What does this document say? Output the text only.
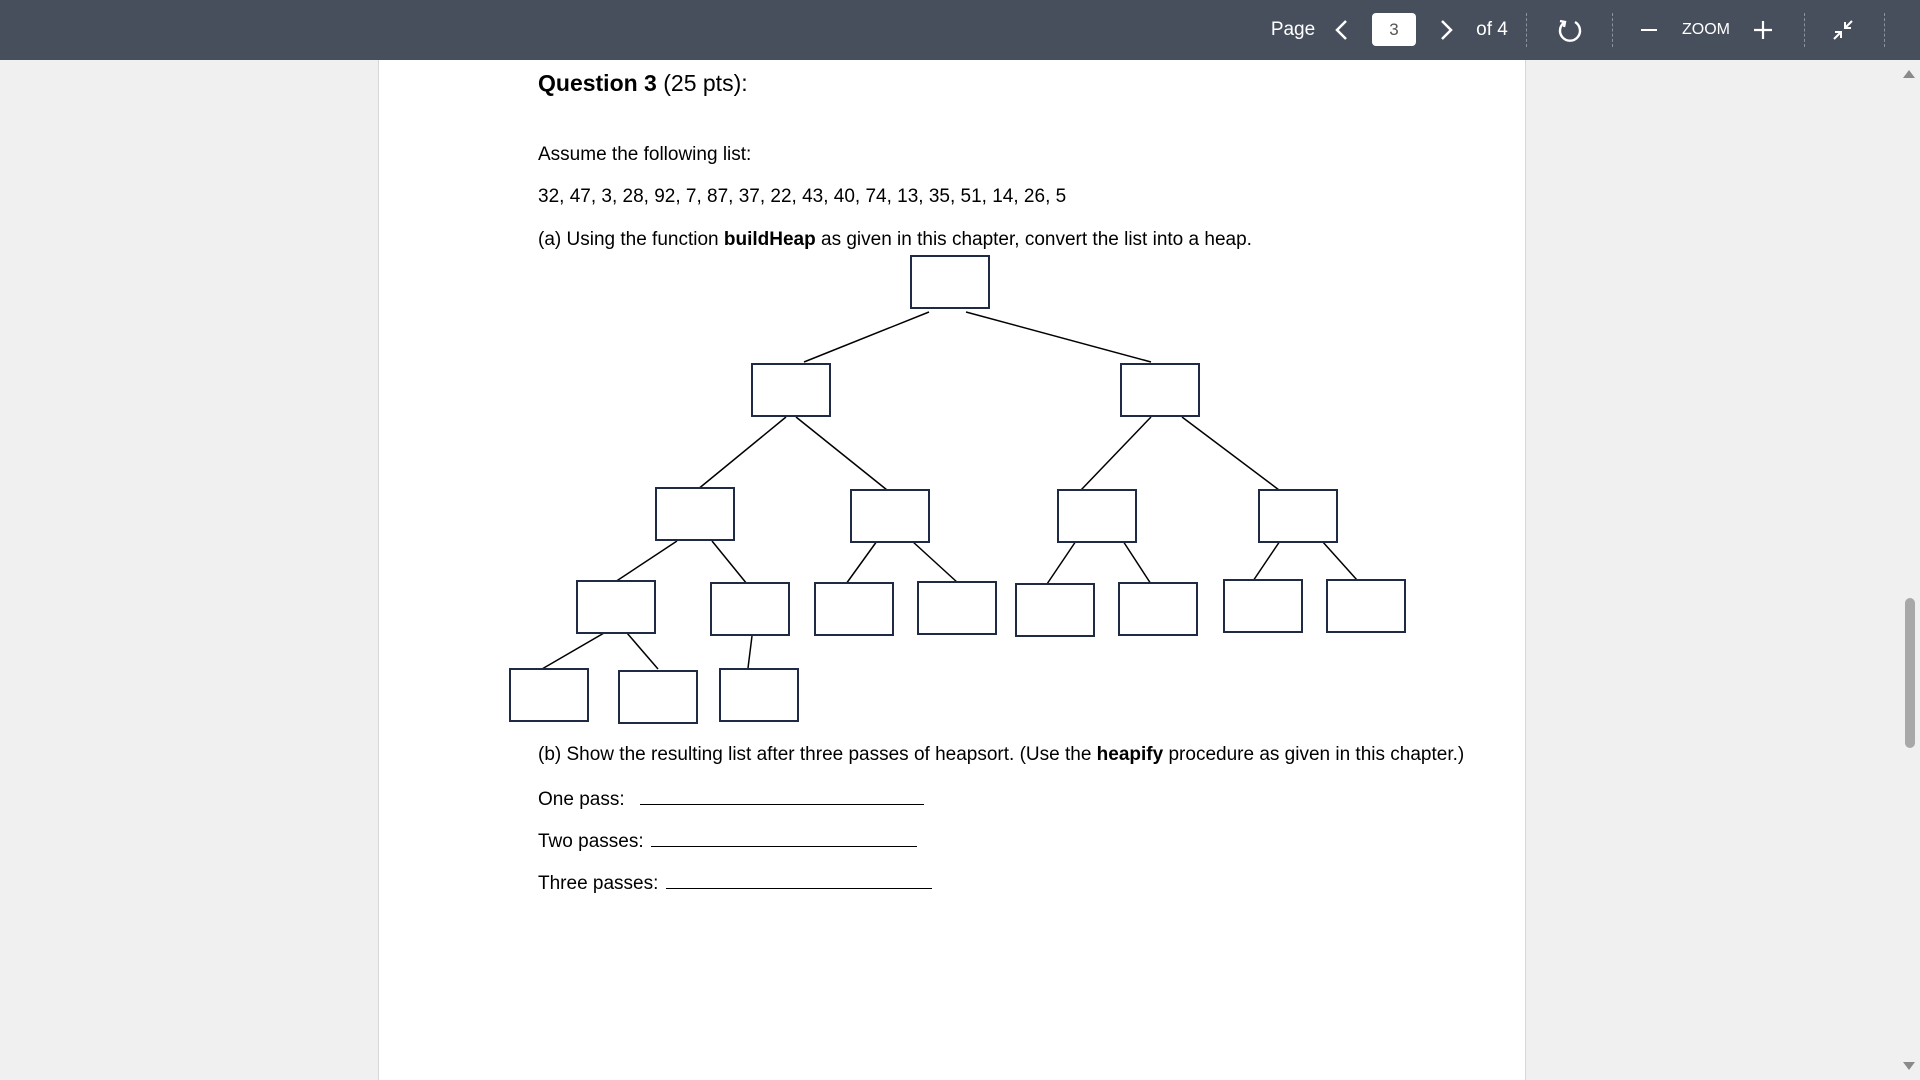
Page
3	of 4	ZOOM
Question 3 (25 pts):
Assume the following list:
32, 47, 3, 28, 92, 7, 87, 37, 22, 43, 40, 74, 13, 35, 51, 14, 26, 5
(a) Using the function buildHeap as given in this chapter, convert the list into a heap.
(b) Show the resulting list after three passes of heapsort. (Use the heapify procedure as given in this chapter.)
One pass:
Two passes:
Three passes:
